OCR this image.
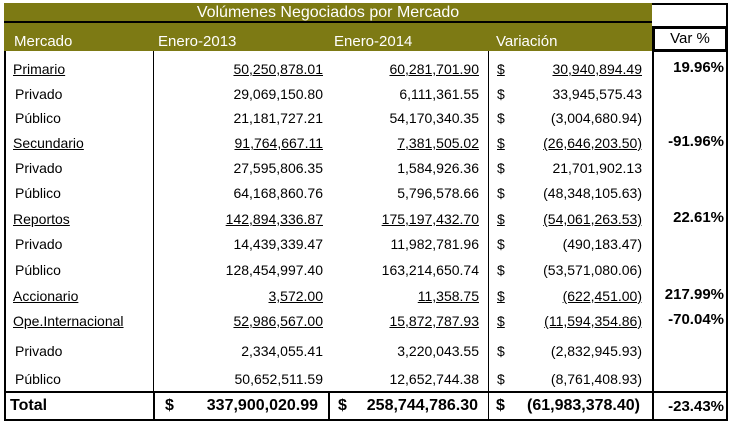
Volúmenes Negociados por Mercado
Mercado	Enero-2013	Enero-2014	Variación	Var %
Primario	50,250,878.01	60,281,701.90 $	30,940,894.49	19.96%
Privado	29,069,150.80	6,111,361.55 $	33,945,575.43
Público	21,181,727.21	54,170,340.35 $	(3,004,680.94)
Secundario	91,764,667.11	7,381,505.02 $	(26,646,203.50)	-91.96%
Privado	27,595,806.35	1,584,926.36 $	21,701,902.13
Público	64,168,860.76	5,796,578.66 $	(48,348,105.63)
Reportos	142,894,336.87	175,197,432.70 $	(54,061,263.53)	22.61%
Privado	14,439,339.47	11,982,781.96 $	(490,183.47)
Público	128,454,997.40	163,214,650.74 $	(53,571,080.06)
Accionario	3,572.00	11,358.75 $	(622,451.00)	217.99%
Ope.Internacional	52,986,567.00	15,872,787.93 $	(11,594,354.86)	-70.04%
Privado	2,334,055.41	3,220,043.55 $	(2,832,945.93)
Público	50,652,511.59	12,652,744.38 $	(8,761,408.93)
Total	$	337,900,020.99 $	258,744,786.30 $	(61,983,378.40)	-23.43%
